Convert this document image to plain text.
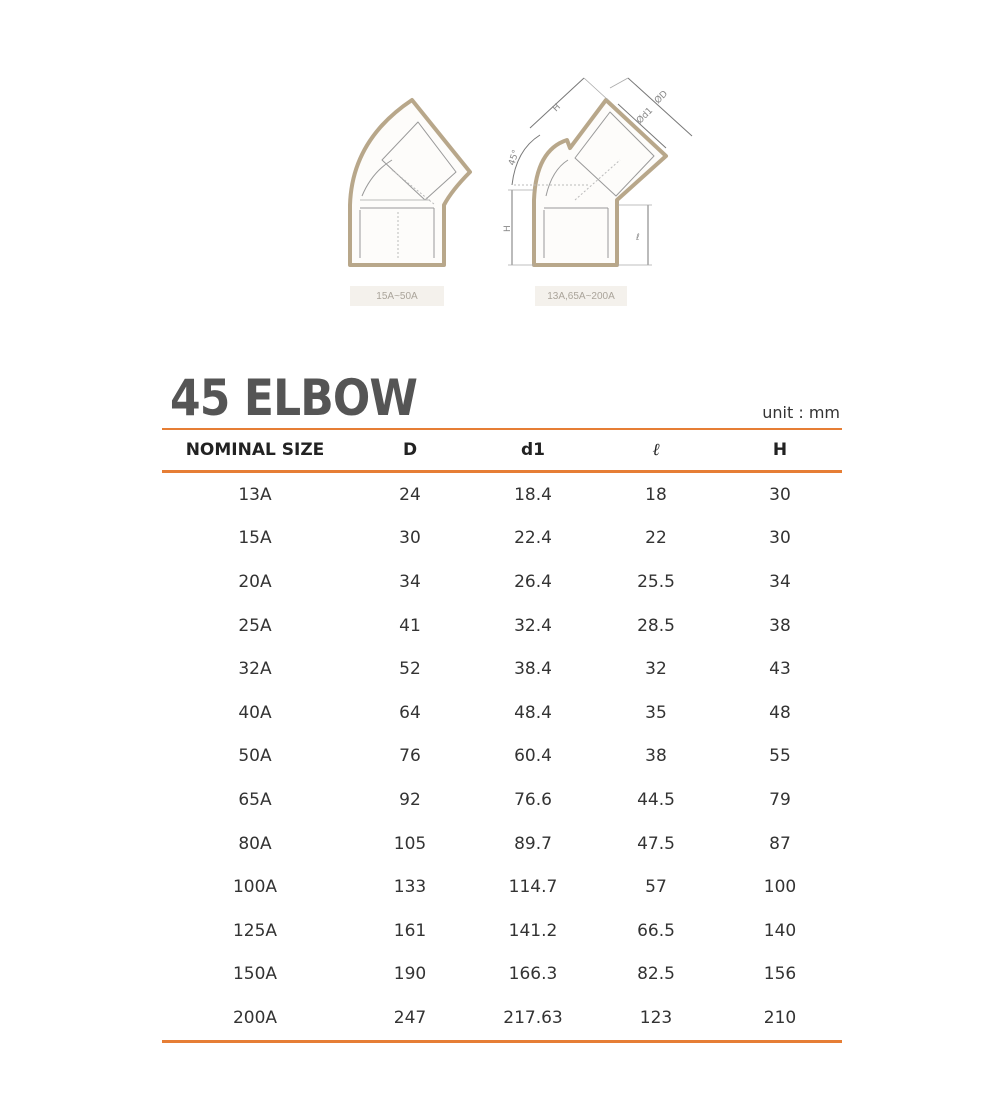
H
45°
H
ØD
Ød1
ℓ
15A~50A	13A,65A~200A
45 ELBOW	unit : mm
NOMINAL SIZE	D	d1	ℓ	H
13A	24	18.4	18	30
15A	30	22.4	22	30
20A	34	26.4	25.5	34
25A	41	32.4	28.5	38
32A	52	38.4	32	43
40A	64	48.4	35	48
50A	76	60.4	38	55
65A	92	76.6	44.5	79
80A	105	89.7	47.5	87
100A	133	114.7	57	100
125A	161	141.2	66.5	140
150A	190	166.3	82.5	156
200A	247	217.63	123	210
